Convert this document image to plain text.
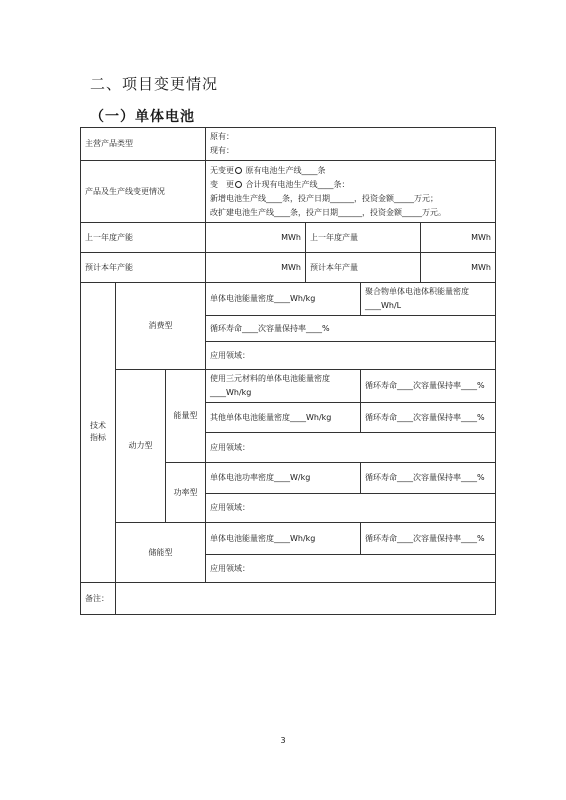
二、项目变更情况
（一）单体电池
主营产品类型			原有：
现有：			

产品及生产线变更情况			无变更 原有电池生产线____条
变　更 合计现有电池生产线____条：
新增电池生产线____条，投产日期______，投资金额_____万元；
改扩建电池生产线____条，投产日期______，投资金额_____万元。			

上一年度产能			MWh	上一年度产量		MWh
预计本年产能			MWh	预计本年产量		MWh
技术指标	消费型		单体电池能量密度____Wh/kg		聚合物单体电池体积能量密度____Wh/L	
			循环寿命____次容量保持率____%			
			应用领域：			
	动力型	能量型	使用三元材料的单体电池能量密度____Wh/kg		循环寿命____次容量保持率____%	
			其他单体电池能量密度____Wh/kg		循环寿命____次容量保持率____%	
			应用领域：			
		功率型	单体电池功率密度____W/kg		循环寿命____次容量保持率____%	
			应用领域：			
	储能型		单体电池能量密度____Wh/kg		循环寿命____次容量保持率____%	
			应用领域：			
备注：						
3
